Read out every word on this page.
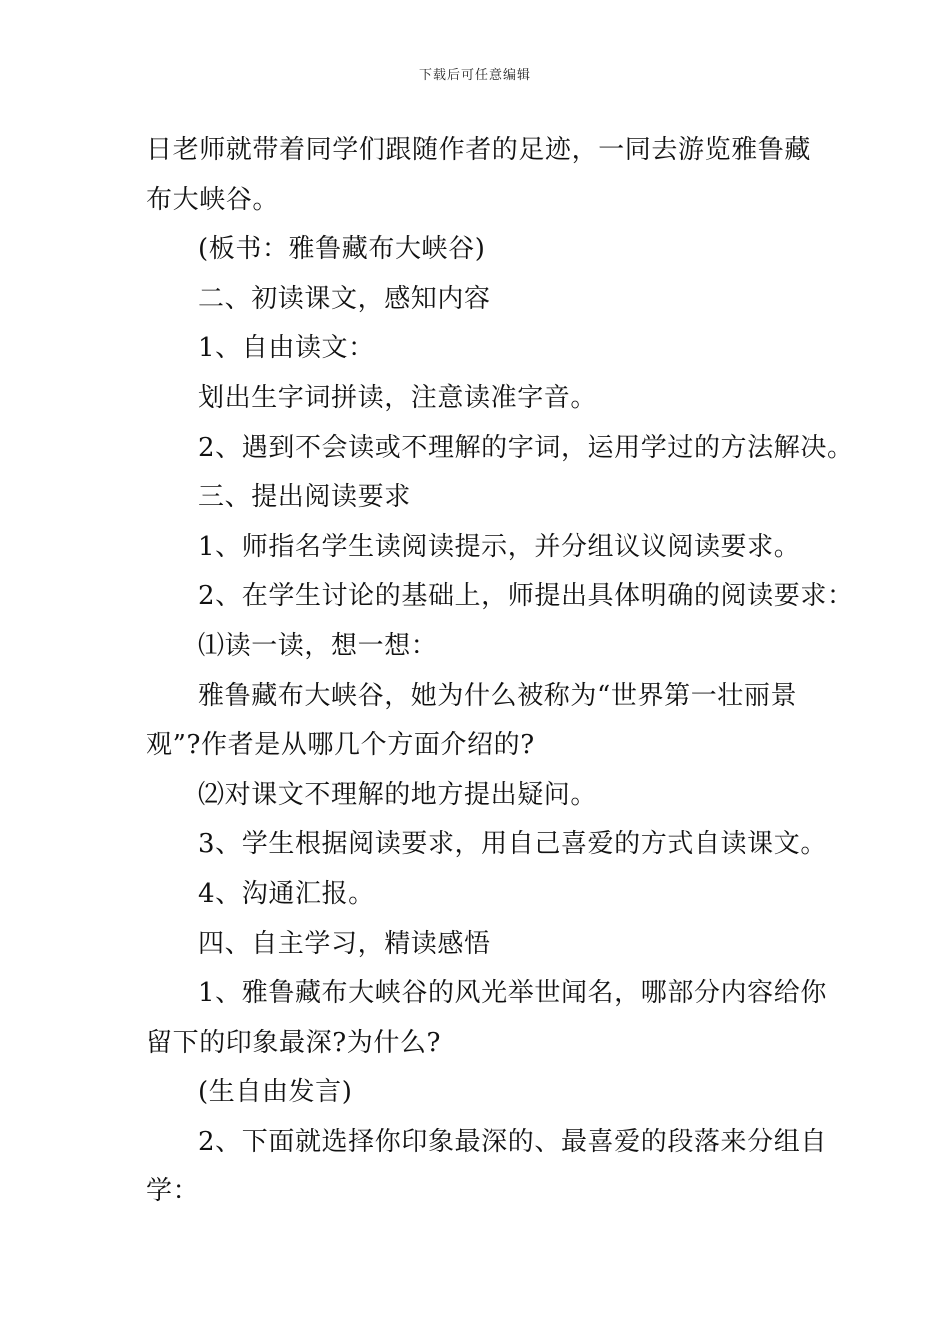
下载后可任意编辑
日老师就带着同学们跟随作者的足迹，一同去游览雅鲁藏
布大峡谷。
(板书：雅鲁藏布大峡谷)
二、初读课文，感知内容
1、自由读文：
划出生字词拼读，注意读准字音。
2、遇到不会读或不理解的字词，运用学过的方法解决。
三、提出阅读要求
1、师指名学生读阅读提示，并分组议议阅读要求。
2、在学生讨论的基础上，师提出具体明确的阅读要求：
⑴读一读，想一想：
雅鲁藏布大峡谷，她为什么被称为“世界第一壮丽景
观”?作者是从哪几个方面介绍的?
⑵对课文不理解的地方提出疑问。
3、学生根据阅读要求，用自己喜爱的方式自读课文。
4、沟通汇报。
四、自主学习，精读感悟
1、雅鲁藏布大峡谷的风光举世闻名，哪部分内容给你
留下的印象最深?为什么?
(生自由发言)
2、下面就选择你印象最深的、最喜爱的段落来分组自
学：
